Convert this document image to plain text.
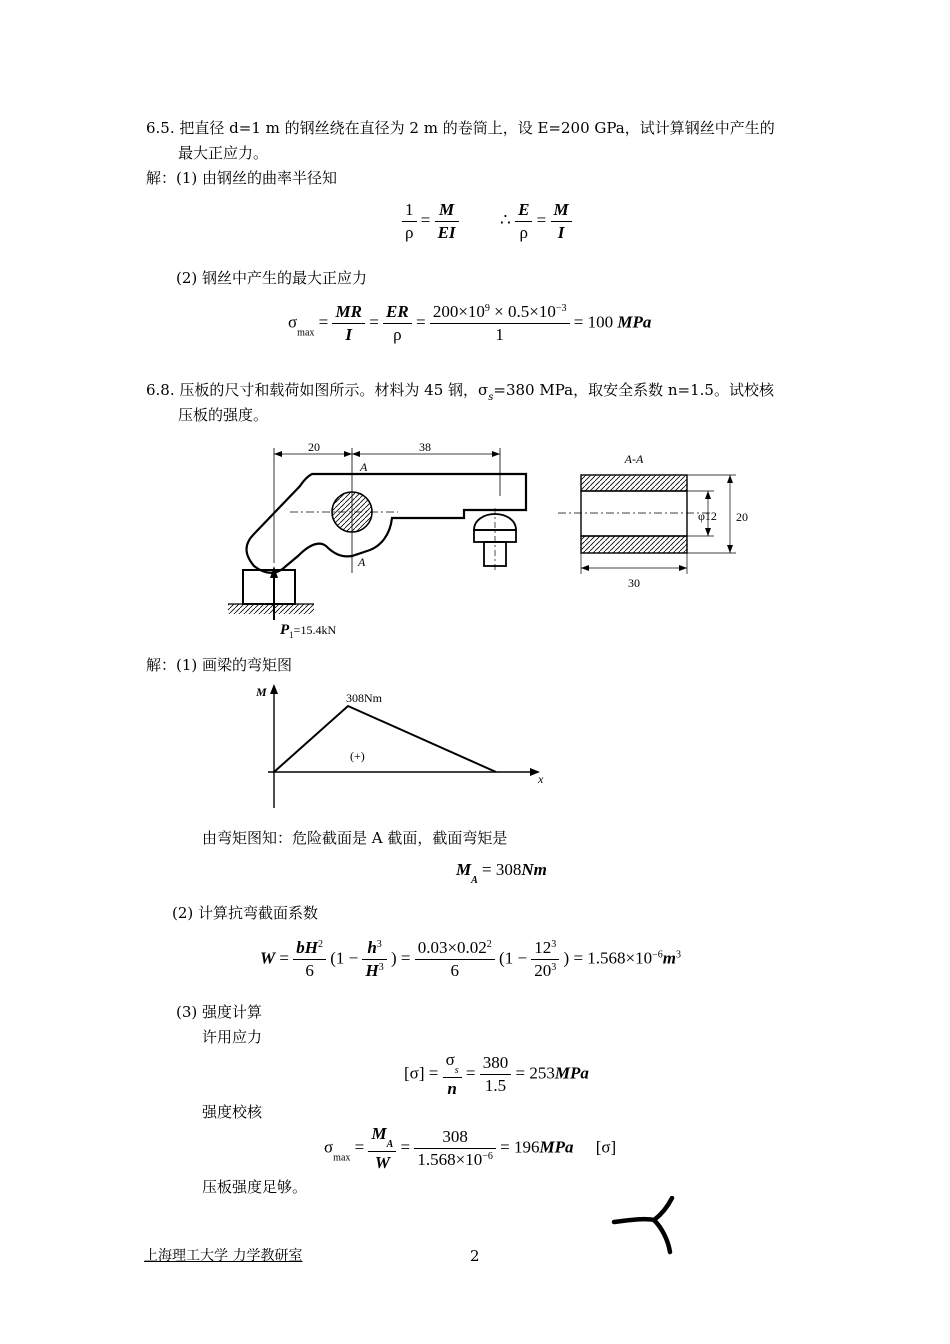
6.5. 把直径 d=1 m 的钢丝绕在直径为 2 m 的卷筒上，设 E=200 GPa，试计算钢丝中产生的
最大正应力。
解：(1) 由钢丝的曲率半径知
$\frac{1}{\rho} = \frac{M}{EI}$ ∴ $\frac{E}{\rho} = \frac{M}{I}$
(2) 钢丝中产生的最大正应力
$\sigma_{max} = \frac{MR}{I} = \frac{ER}{\rho} = \frac{200\times 10^9 \times 0.5\times 10^{-3}}{1} = 100$ MPa
6.8. 压板的尺寸和载荷如图所示。材料为 45 钢，$\sigma_s=380$ MPa，取安全系数 n=1.5。试校核
压板的强度。
20	38
A
A
$P_1=15.4kN$
A-A
φ12 20
30
解：(1) 画梁的弯矩图
M
x
308Nm
(+)
由弯矩图知：危险截面是 A 截面，截面弯矩是
$M_A = 308Nm$
(2) 计算抗弯截面系数
$W = \frac{bH^2}{6} (1 - \frac{h^3}{H^3}$ ) = $\frac{0.03\times 0.02^2}{6} (1 - \frac{12^3}{20^3}$ ) = $1.568\times 10^{-6}m^3$
(3) 强度计算
许用应力
$[\sigma] = \frac{\sigma_s}{n} = \frac{380}{1.5} = 253MPa$
强度校核
$\sigma_{max} = \frac{M_A}{W} = \frac{308}{1.568\times 10^{-6}} = 196MPa$ [σ]
压板强度足够。
上海理工大学 力学教研室	2
